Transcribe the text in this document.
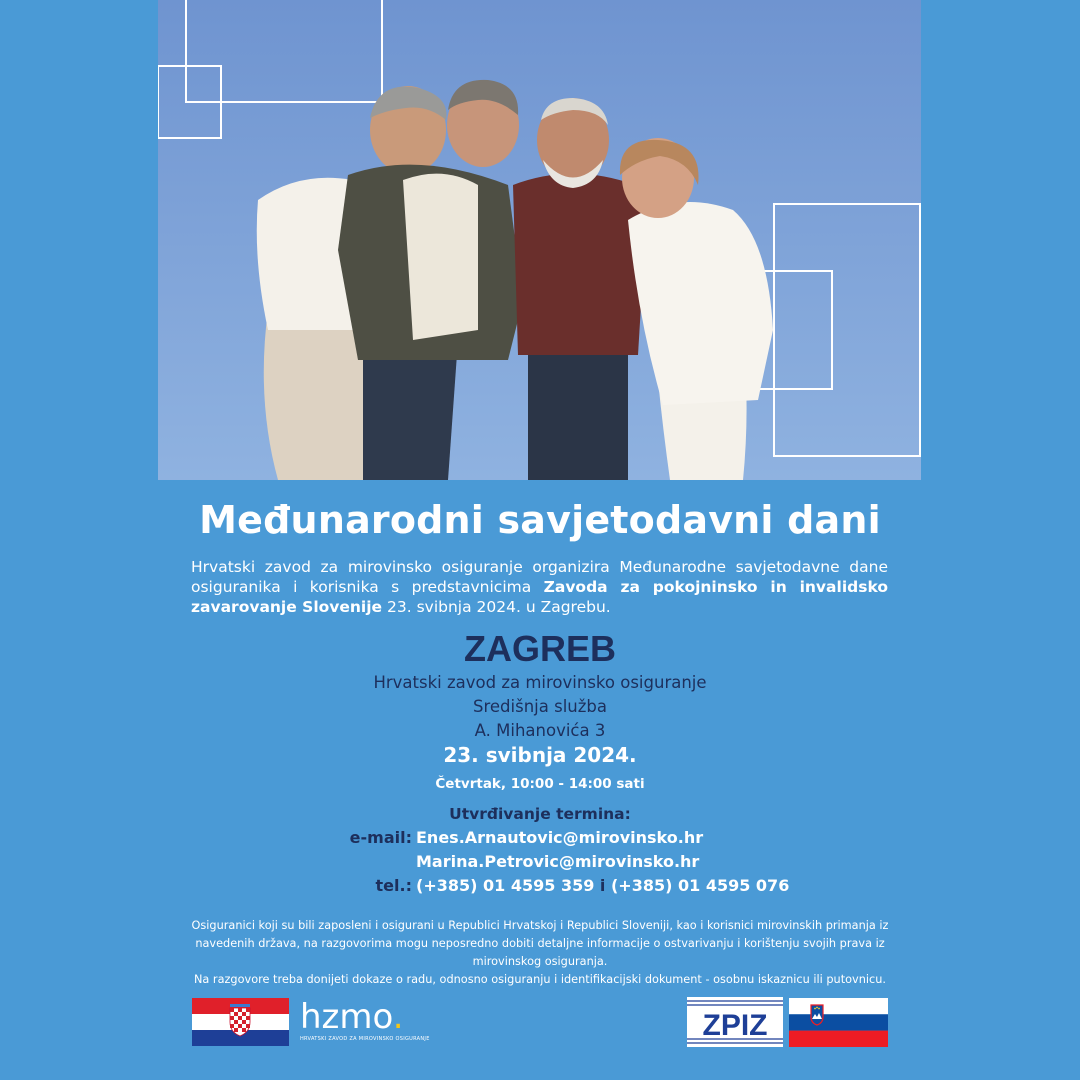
Međunarodni savjetodavni dani

Hrvatski zavod za mirovinsko osiguranje organizira Međunarodne savjetodavne dane osiguranika i korisnika s predstavnicima Zavoda za pokojninsko in invalidsko zavarovanje Slovenije 23. svibnja 2024. u Zagrebu.

ZAGREB

Hrvatski zavod za mirovinsko osiguranje

Središnja služba

A. Mihanovića 3

23. svibnja 2024.

Četvrtak, 10:00 - 14:00 sati

Utvrđivanje termina:

e-mail: Enes.Arnautovic@mirovinsko.hr
Marina.Petrovic@mirovinsko.hr
tel.: (+385) 01 4595 359 i (+385) 01 4595 076
Osiguranici koji su bili zaposleni i osigurani u Republici Hrvatskoj i Republici Sloveniji, kao i korisnici mirovinskih primanja iz navedenih država, na razgovorima mogu neposredno dobiti detaljne informacije o ostvarivanju i korištenju svojih prava iz mirovinskog osiguranja.
Na razgovore treba donijeti dokaze o radu, odnosno osiguranju i identifikacijski dokument - osobnu iskaznicu ili putovnicu.
hzmo.
HRVATSKI ZAVOD ZA MIROVINSKO OSIGURANJE	ZPIZ
